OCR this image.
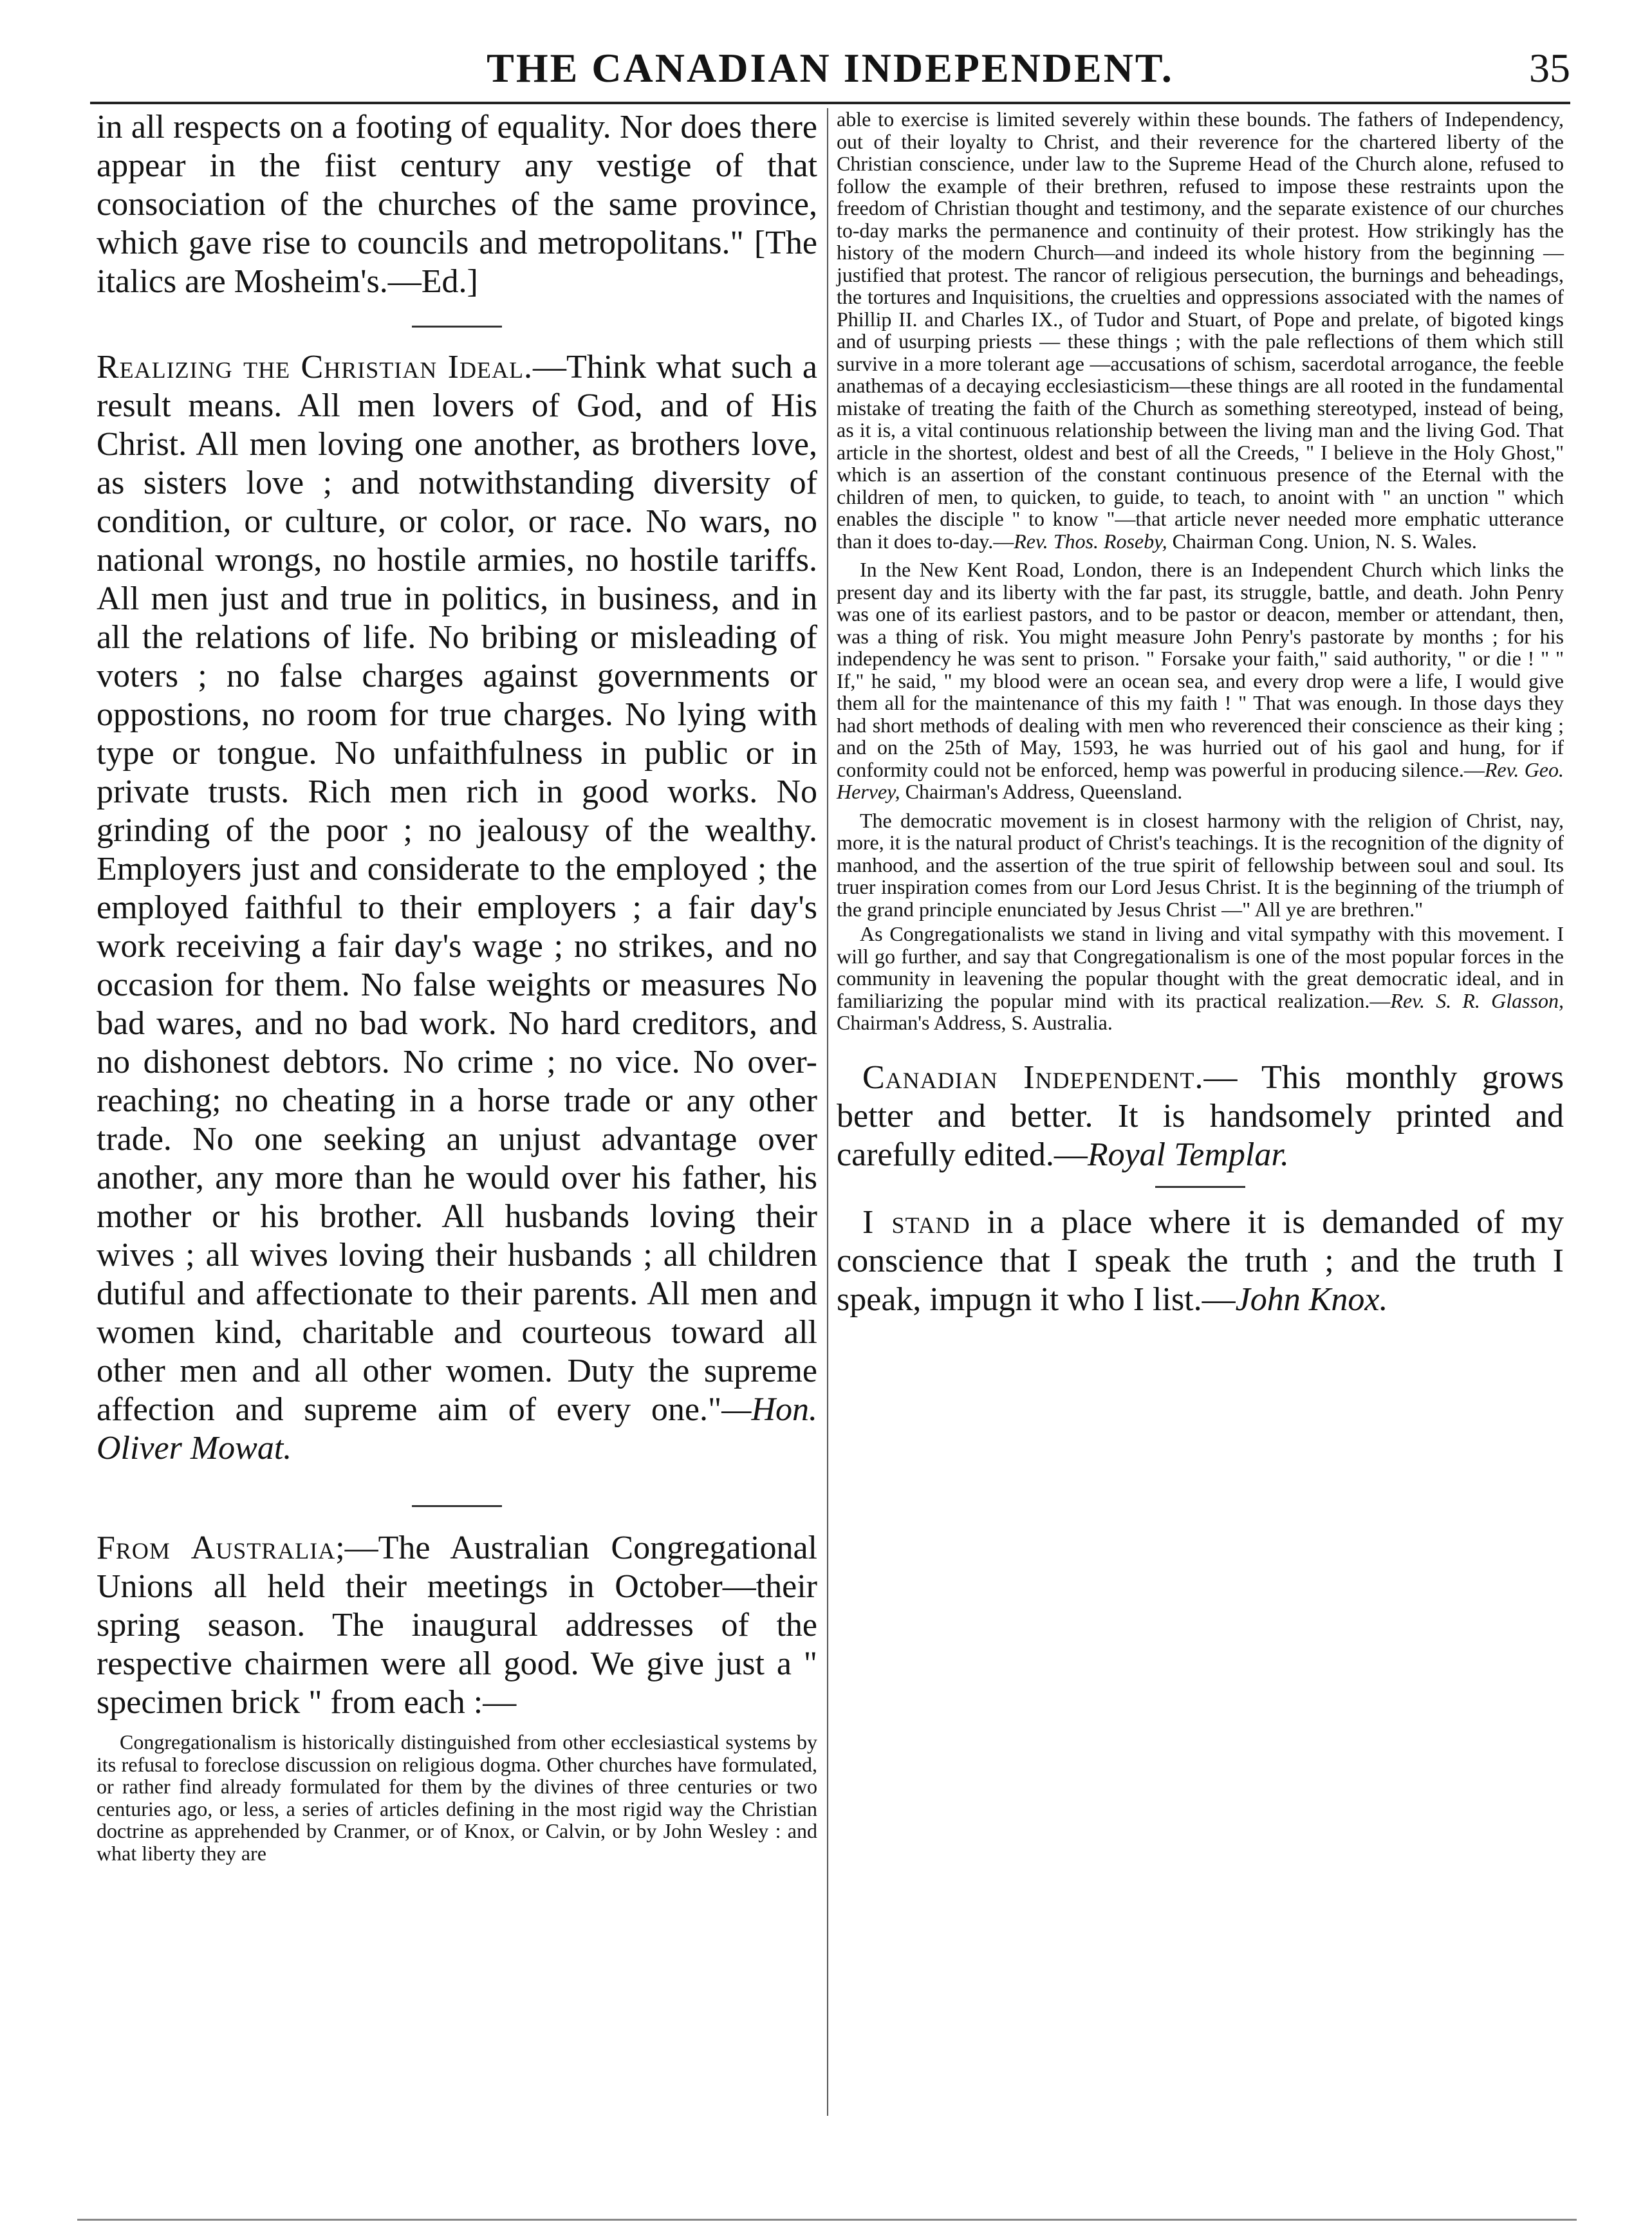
THE CANADIAN INDEPENDENT.	35

in all respects on a footing of equality. Nor does there appear in the fiist century any vestige of that consociation of the churches of the same province, which gave rise to councils and metropolitans." [The italics are Mosheim's.—Ed.]

Realizing the Christian Ideal.—Think what such a result means. All men lovers of God, and of His Christ. All men loving one another, as brothers love, as sisters love ; and notwithstanding diversity of condition, or culture, or color, or race. No wars, no national wrongs, no hostile armies, no hostile tariffs. All men just and true in politics, in business, and in all the relations of life. No bribing or misleading of voters ; no false charges against governments or oppostions, no room for true charges. No lying with type or tongue. No unfaithfulness in public or in private trusts. Rich men rich in good works. No grinding of the poor ; no jealousy of the wealthy. Employers just and considerate to the employed ; the employed faithful to their employers ; a fair day's work receiving a fair day's wage ; no strikes, and no occasion for them. No false weights or measures No bad wares, and no bad work. No hard creditors, and no dishonest debtors. No crime ; no vice. No over-reaching; no cheating in a horse trade or any other trade. No one seeking an unjust advantage over another, any more than he would over his father, his mother or his brother. All husbands loving their wives ; all wives loving their husbands ; all children dutiful and affectionate to their parents. All men and women kind, charitable and courteous toward all other men and all other women. Duty the supreme affection and supreme aim of every one."—Hon. Oliver Mowat.

From Australia;—The Australian Congregational Unions all held their meetings in October—their spring season. The inaugural addresses of the respective chairmen were all good. We give just a " specimen brick " from each :—

Congregationalism is historically distinguished from other ecclesiastical systems by its refusal to foreclose discussion on religious dogma. Other churches have formulated, or rather find already formulated for them by the divines of three centuries or two centuries ago, or less, a series of articles defining in the most rigid way the Christian doctrine as apprehended by Cranmer, or of Knox, or Calvin, or by John Wesley : and what liberty they are

able to exercise is limited severely within these bounds. The fathers of Independency, out of their loyalty to Christ, and their reverence for the chartered liberty of the Christian conscience, under law to the Supreme Head of the Church alone, refused to follow the example of their brethren, refused to impose these restraints upon the freedom of Christian thought and testimony, and the separate existence of our churches to-day marks the permanence and continuity of their protest. How strikingly has the history of the modern Church—and indeed its whole history from the beginning — justified that protest. The rancor of religious persecution, the burnings and beheadings, the tortures and Inquisitions, the cruelties and oppressions associated with the names of Phillip II. and Charles IX., of Tudor and Stuart, of Pope and prelate, of bigoted kings and of usurping priests — these things ; with the pale reflections of them which still survive in a more tolerant age —accusations of schism, sacerdotal arrogance, the feeble anathemas of a decaying ecclesiasticism—these things are all rooted in the fundamental mistake of treating the faith of the Church as something stereotyped, instead of being, as it is, a vital continuous relationship between the living man and the living God. That article in the shortest, oldest and best of all the Creeds, " I believe in the Holy Ghost," which is an assertion of the constant continuous presence of the Eternal with the children of men, to quicken, to guide, to teach, to anoint with " an unction " which enables the disciple " to know "—that article never needed more emphatic utterance than it does to-day.—Rev. Thos. Roseby, Chairman Cong. Union, N. S. Wales.

In the New Kent Road, London, there is an Independent Church which links the present day and its liberty with the far past, its struggle, battle, and death. John Penry was one of its earliest pastors, and to be pastor or deacon, member or attendant, then, was a thing of risk. You might measure John Penry's pastorate by months ; for his independency he was sent to prison. " Forsake your faith," said authority, " or die ! " " If," he said, " my blood were an ocean sea, and every drop were a life, I would give them all for the maintenance of this my faith ! " That was enough. In those days they had short methods of dealing with men who reverenced their conscience as their king ; and on the 25th of May, 1593, he was hurried out of his gaol and hung, for if conformity could not be enforced, hemp was powerful in producing silence.—Rev. Geo. Hervey, Chairman's Address, Queensland.

The democratic movement is in closest harmony with the religion of Christ, nay, more, it is the natural product of Christ's teachings. It is the recognition of the dignity of manhood, and the assertion of the true spirit of fellowship between soul and soul. Its truer inspiration comes from our Lord Jesus Christ. It is the beginning of the triumph of the grand principle enunciated by Jesus Christ —" All ye are brethren."

As Congregationalists we stand in living and vital sympathy with this movement. I will go further, and say that Congregationalism is one of the most popular forces in the community in leavening the popular thought with the great democratic ideal, and in familiarizing the popular mind with its practical realization.—Rev. S. R. Glasson, Chairman's Address, S. Australia.

Canadian Independent.— This monthly grows better and better. It is handsomely printed and carefully edited.—Royal Templar.

I stand in a place where it is demanded of my conscience that I speak the truth ; and the truth I speak, impugn it who I list.—John Knox.
